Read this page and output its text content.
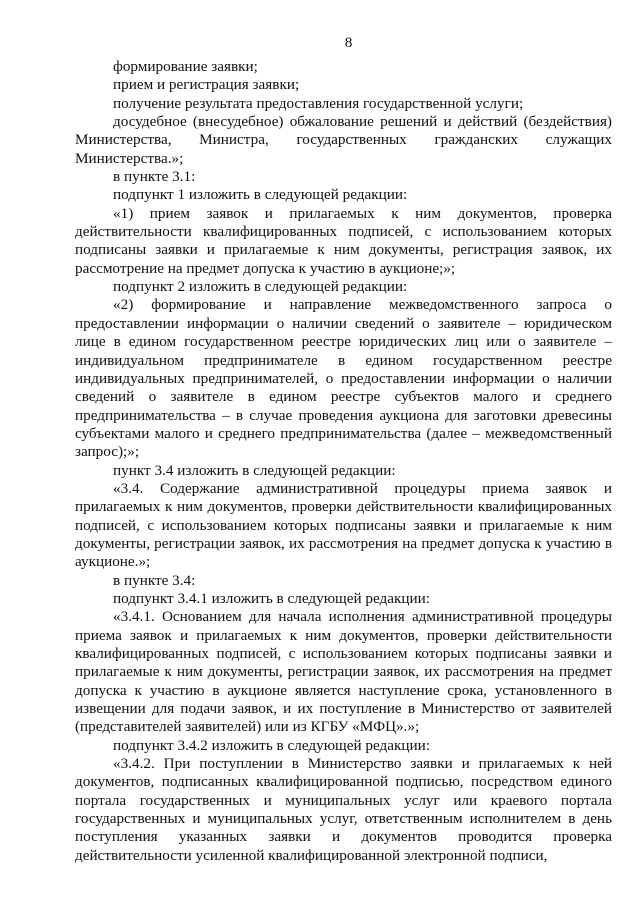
8

формирование заявки;

прием и регистрация заявки;

получение результата предоставления государственной услуги;

досудебное (внесудебное) обжалование решений и действий (бездействия) Министерства, Министра, государственных гражданских служащих Министерства.»;

в пункте 3.1:

подпункт 1 изложить в следующей редакции:

«1) прием заявок и прилагаемых к ним документов, проверка действительности квалифицированных подписей, с использованием которых подписаны заявки и прилагаемые к ним документы, регистрация заявок, их рассмотрение на предмет допуска к участию в аукционе;»;

подпункт 2 изложить в следующей редакции:

«2) формирование и направление межведомственного запроса о предоставлении информации о наличии сведений о заявителе – юридическом лице в едином государственном реестре юридических лиц или о заявителе – индивидуальном предпринимателе в едином государственном реестре индивидуальных предпринимателей, о предоставлении информации о наличии сведений о заявителе в едином реестре субъектов малого и среднего предпринимательства – в случае проведения аукциона для заготовки древесины субъектами малого и среднего предпринимательства (далее – межведомственный запрос);»;

пункт 3.4 изложить в следующей редакции:

«3.4. Содержание административной процедуры приема заявок и прилагаемых к ним документов, проверки действительности квалифицированных подписей, с использованием которых подписаны заявки и прилагаемые к ним документы, регистрации заявок, их рассмотрения на предмет допуска к участию в аукционе.»;

в пункте 3.4:

подпункт 3.4.1 изложить в следующей редакции:

«3.4.1. Основанием для начала исполнения административной процедуры приема заявок и прилагаемых к ним документов, проверки действительности квалифицированных подписей, с использованием которых подписаны заявки и прилагаемые к ним документы, регистрации заявок, их рассмотрения на предмет допуска к участию в аукционе является наступление срока, установленного в извещении для подачи заявок, и их поступление в Министерство от заявителей (представителей заявителей) или из КГБУ «МФЦ».»;

подпункт 3.4.2 изложить в следующей редакции:

«3.4.2. При поступлении в Министерство заявки и прилагаемых к ней документов, подписанных квалифицированной подписью, посредством единого портала государственных и муниципальных услуг или краевого портала государственных и муниципальных услуг, ответственным исполнителем в день поступления указанных заявки и документов проводится проверка действительности усиленной квалифицированной электронной подписи,
